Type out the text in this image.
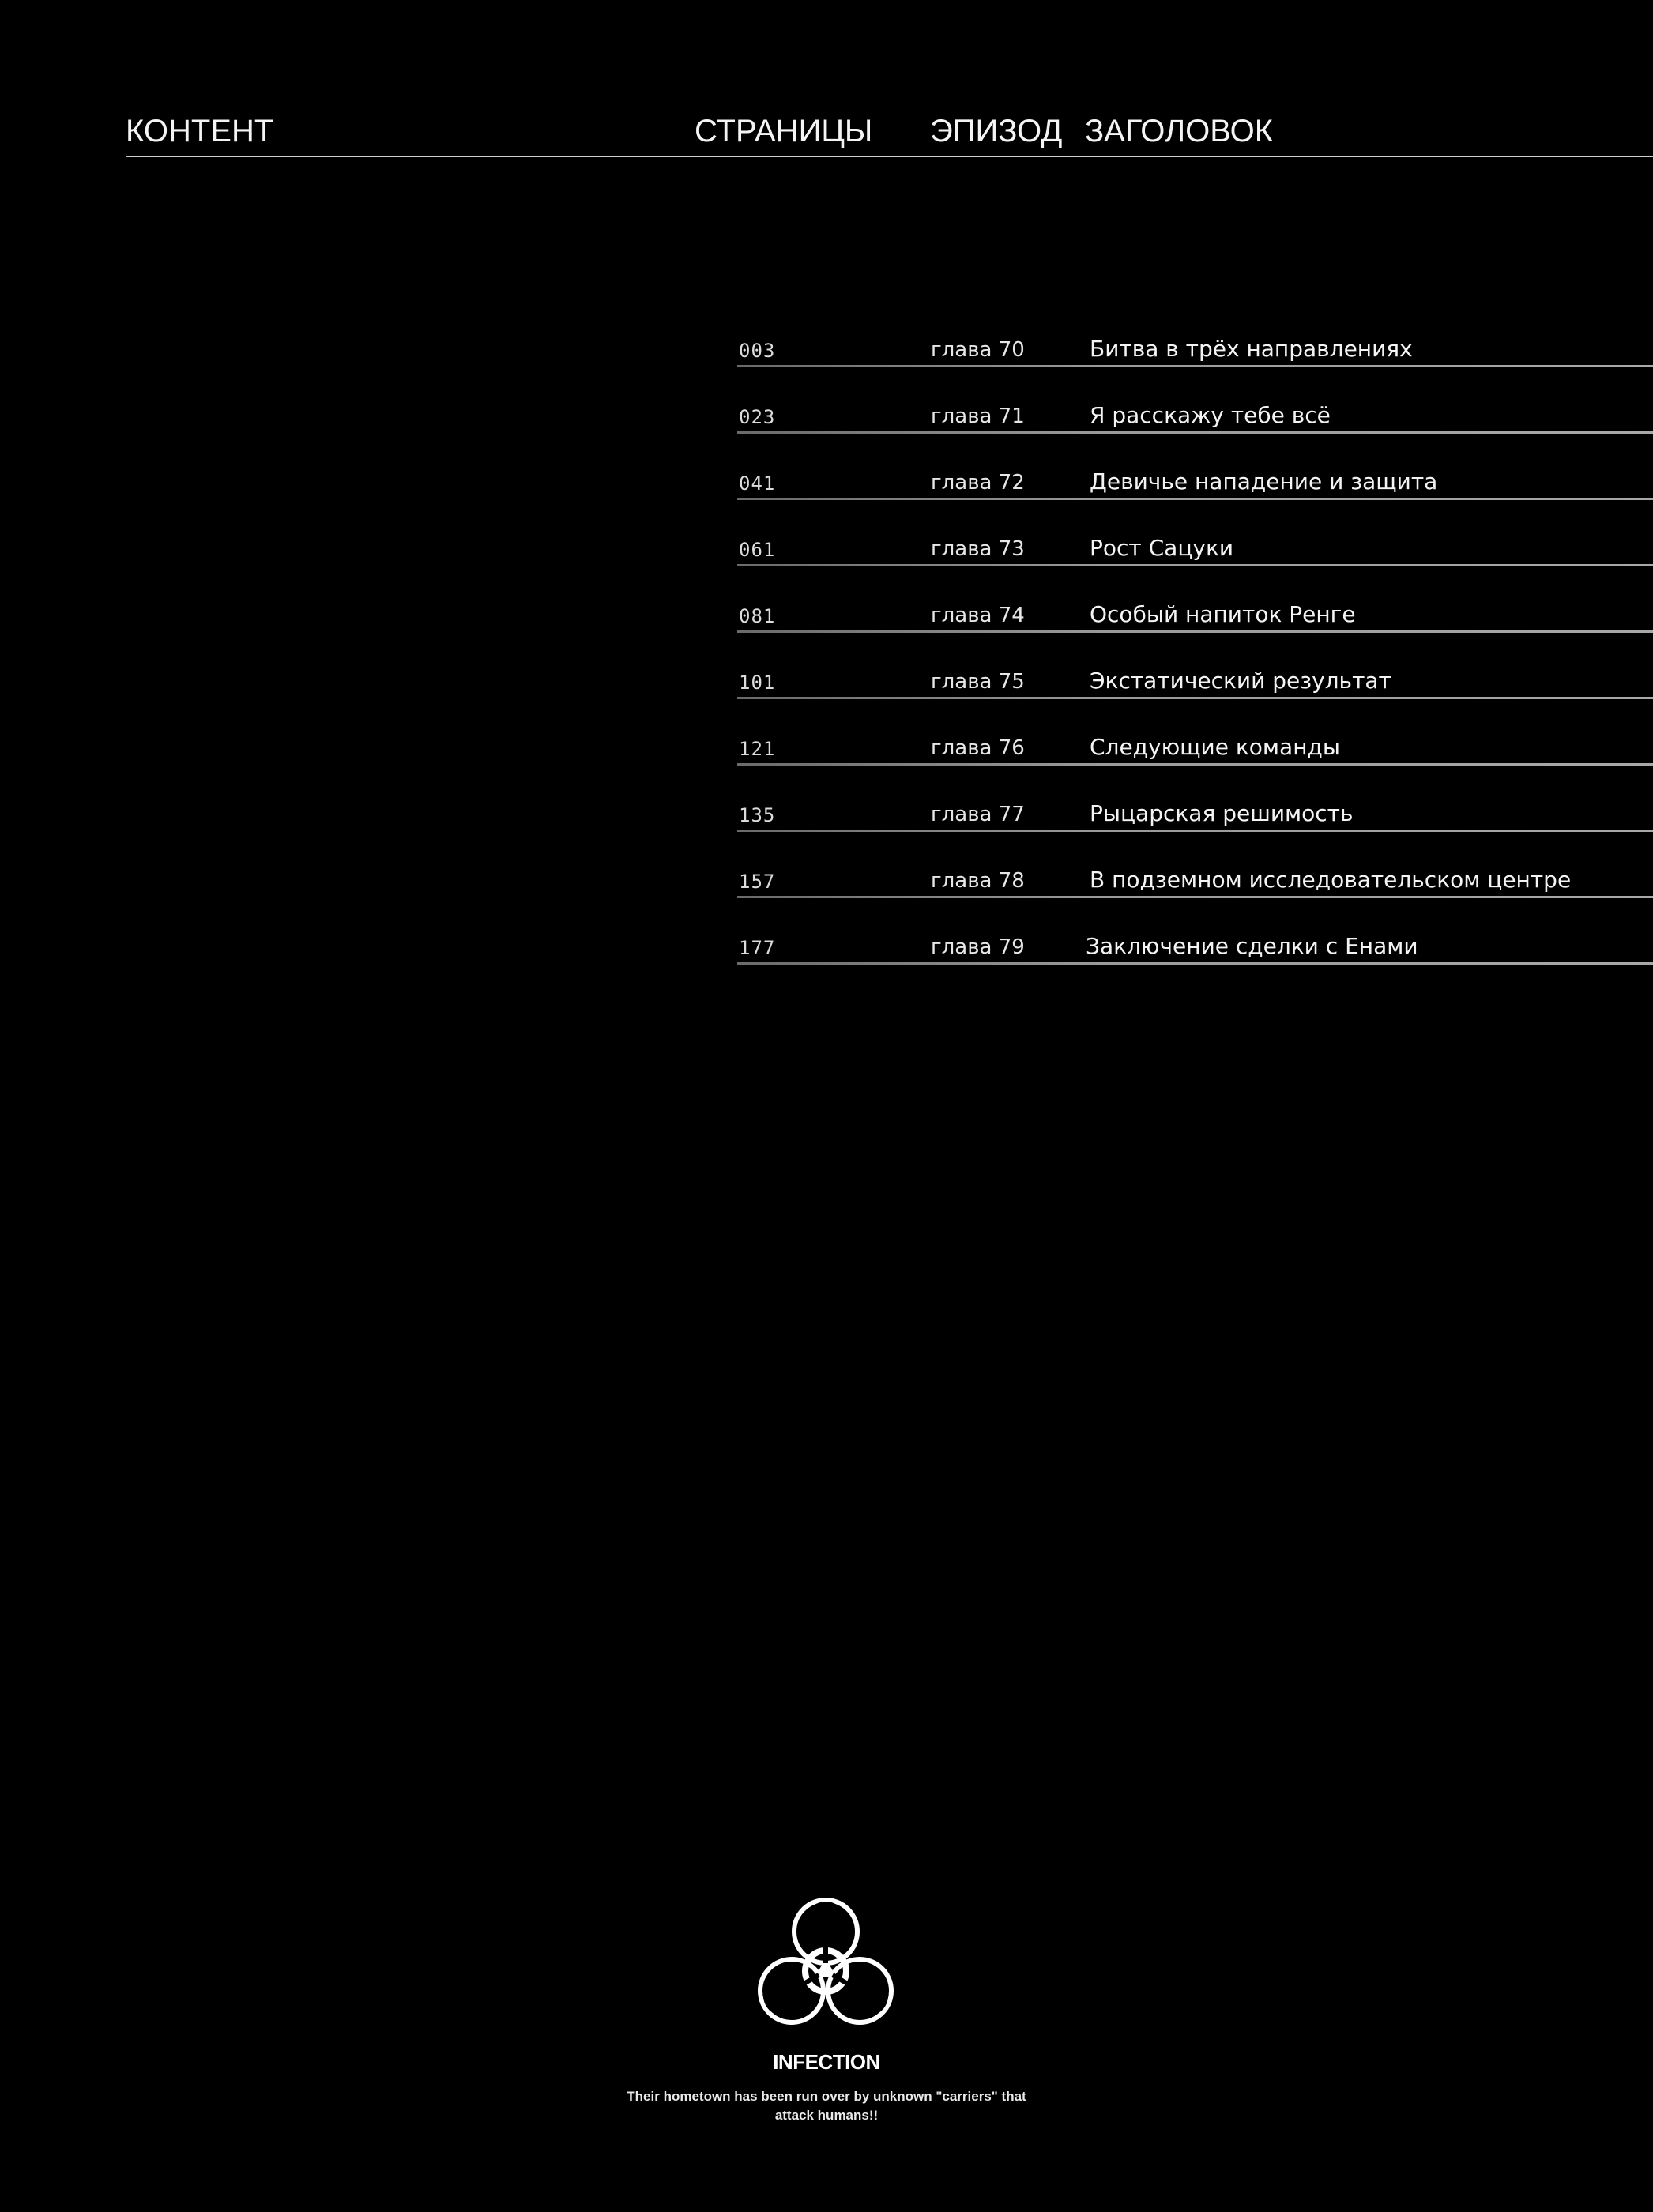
КОНТЕНТ	СТРАНИЦЫ ЭПИЗОД ЗАГОЛОВОК
003	глава 70	Битва в трёх направлениях
023	глава 71	Я расскажу тебе всё
041	глава 72	Девичье нападение и защита
061	глава 73	Рост Сацуки
081	глава 74	Особый напиток Ренге
101	глава 75	Экстатический результат
121	глава 76	Следующие команды
135	глава 77	Рыцарская решимость
157	глава 78	В подземном исследовательском центре
177	глава 79	Заключение сделки с Енами
INFECTION
Their hometown has been run over by unknown "carriers" that
attack humans!!
